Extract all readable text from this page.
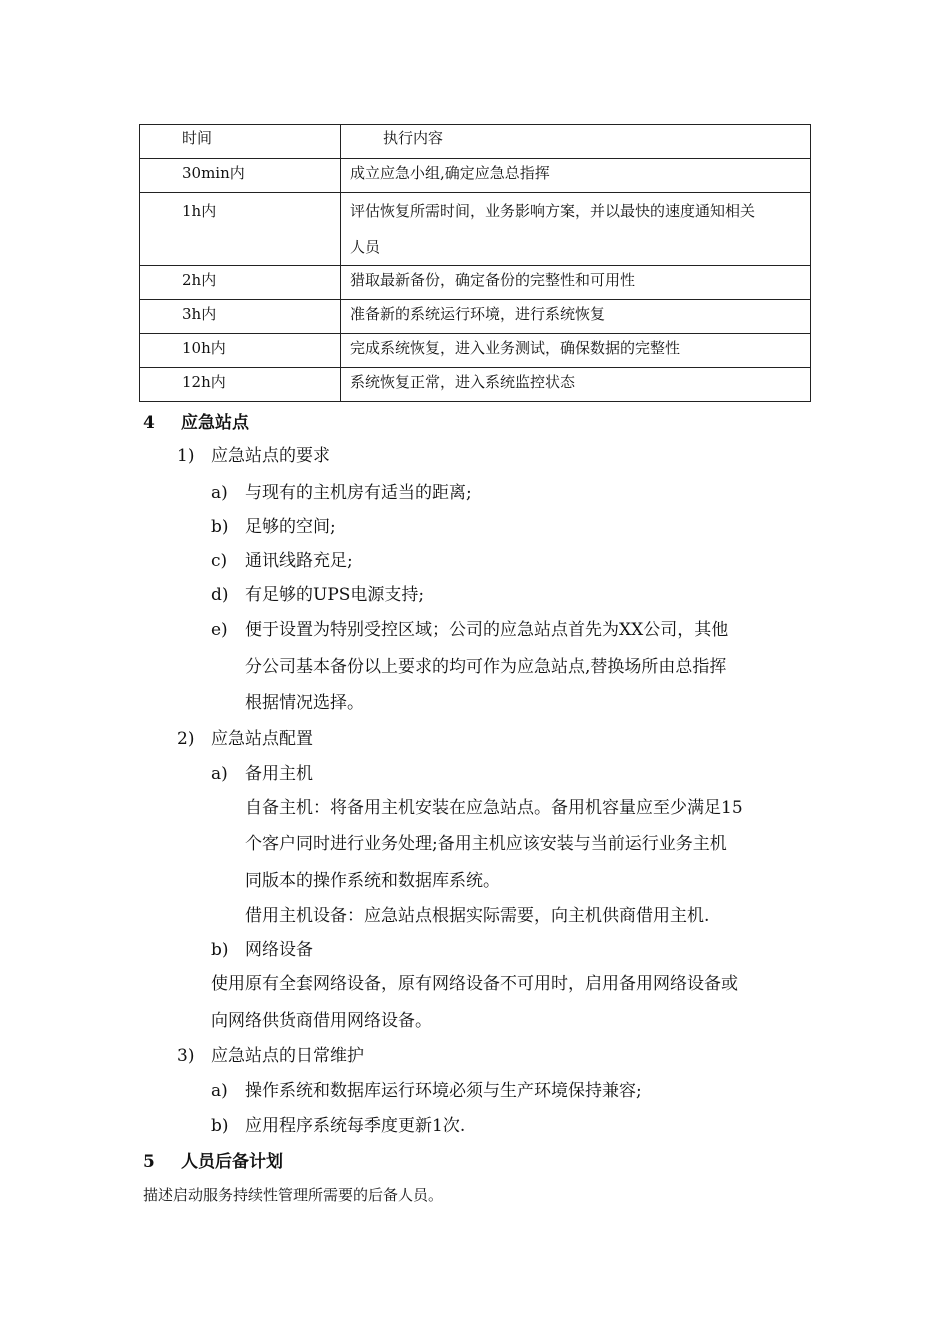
时间	执行内容
30min内	成立应急小组,确定应急总指挥
1h内	评估恢复所需时间，业务影响方案，并以最快的速度通知相关
人员

2h内	猎取最新备份，确定备份的完整性和可用性
3h内	准备新的系统运行环境，进行系统恢复
10h内	完成系统恢复，进入业务测试，确保数据的完整性
12h内	系统恢复正常，进入系统监控状态
4 应急站点
1) 应急站点的要求
a) 与现有的主机房有适当的距离;
b) 足够的空间;
c) 通讯线路充足;
d) 有足够的UPS电源支持;
e) 便于设置为特别受控区域；公司的应急站点首先为XX公司，其他
分公司基本备份以上要求的均可作为应急站点,替换场所由总指挥
根据情况选择。
2) 应急站点配置
a) 备用主机
自备主机：将备用主机安装在应急站点。备用机容量应至少满足15
个客户同时进行业务处理;备用主机应该安装与当前运行业务主机
同版本的操作系统和数据库系统。
借用主机设备：应急站点根据实际需要，向主机供商借用主机.
b) 网络设备
使用原有全套网络设备，原有网络设备不可用时，启用备用网络设备或
向网络供货商借用网络设备。
3) 应急站点的日常维护
a) 操作系统和数据库运行环境必须与生产环境保持兼容;
b) 应用程序系统每季度更新1次.
5 人员后备计划
描述启动服务持续性管理所需要的后备人员。
